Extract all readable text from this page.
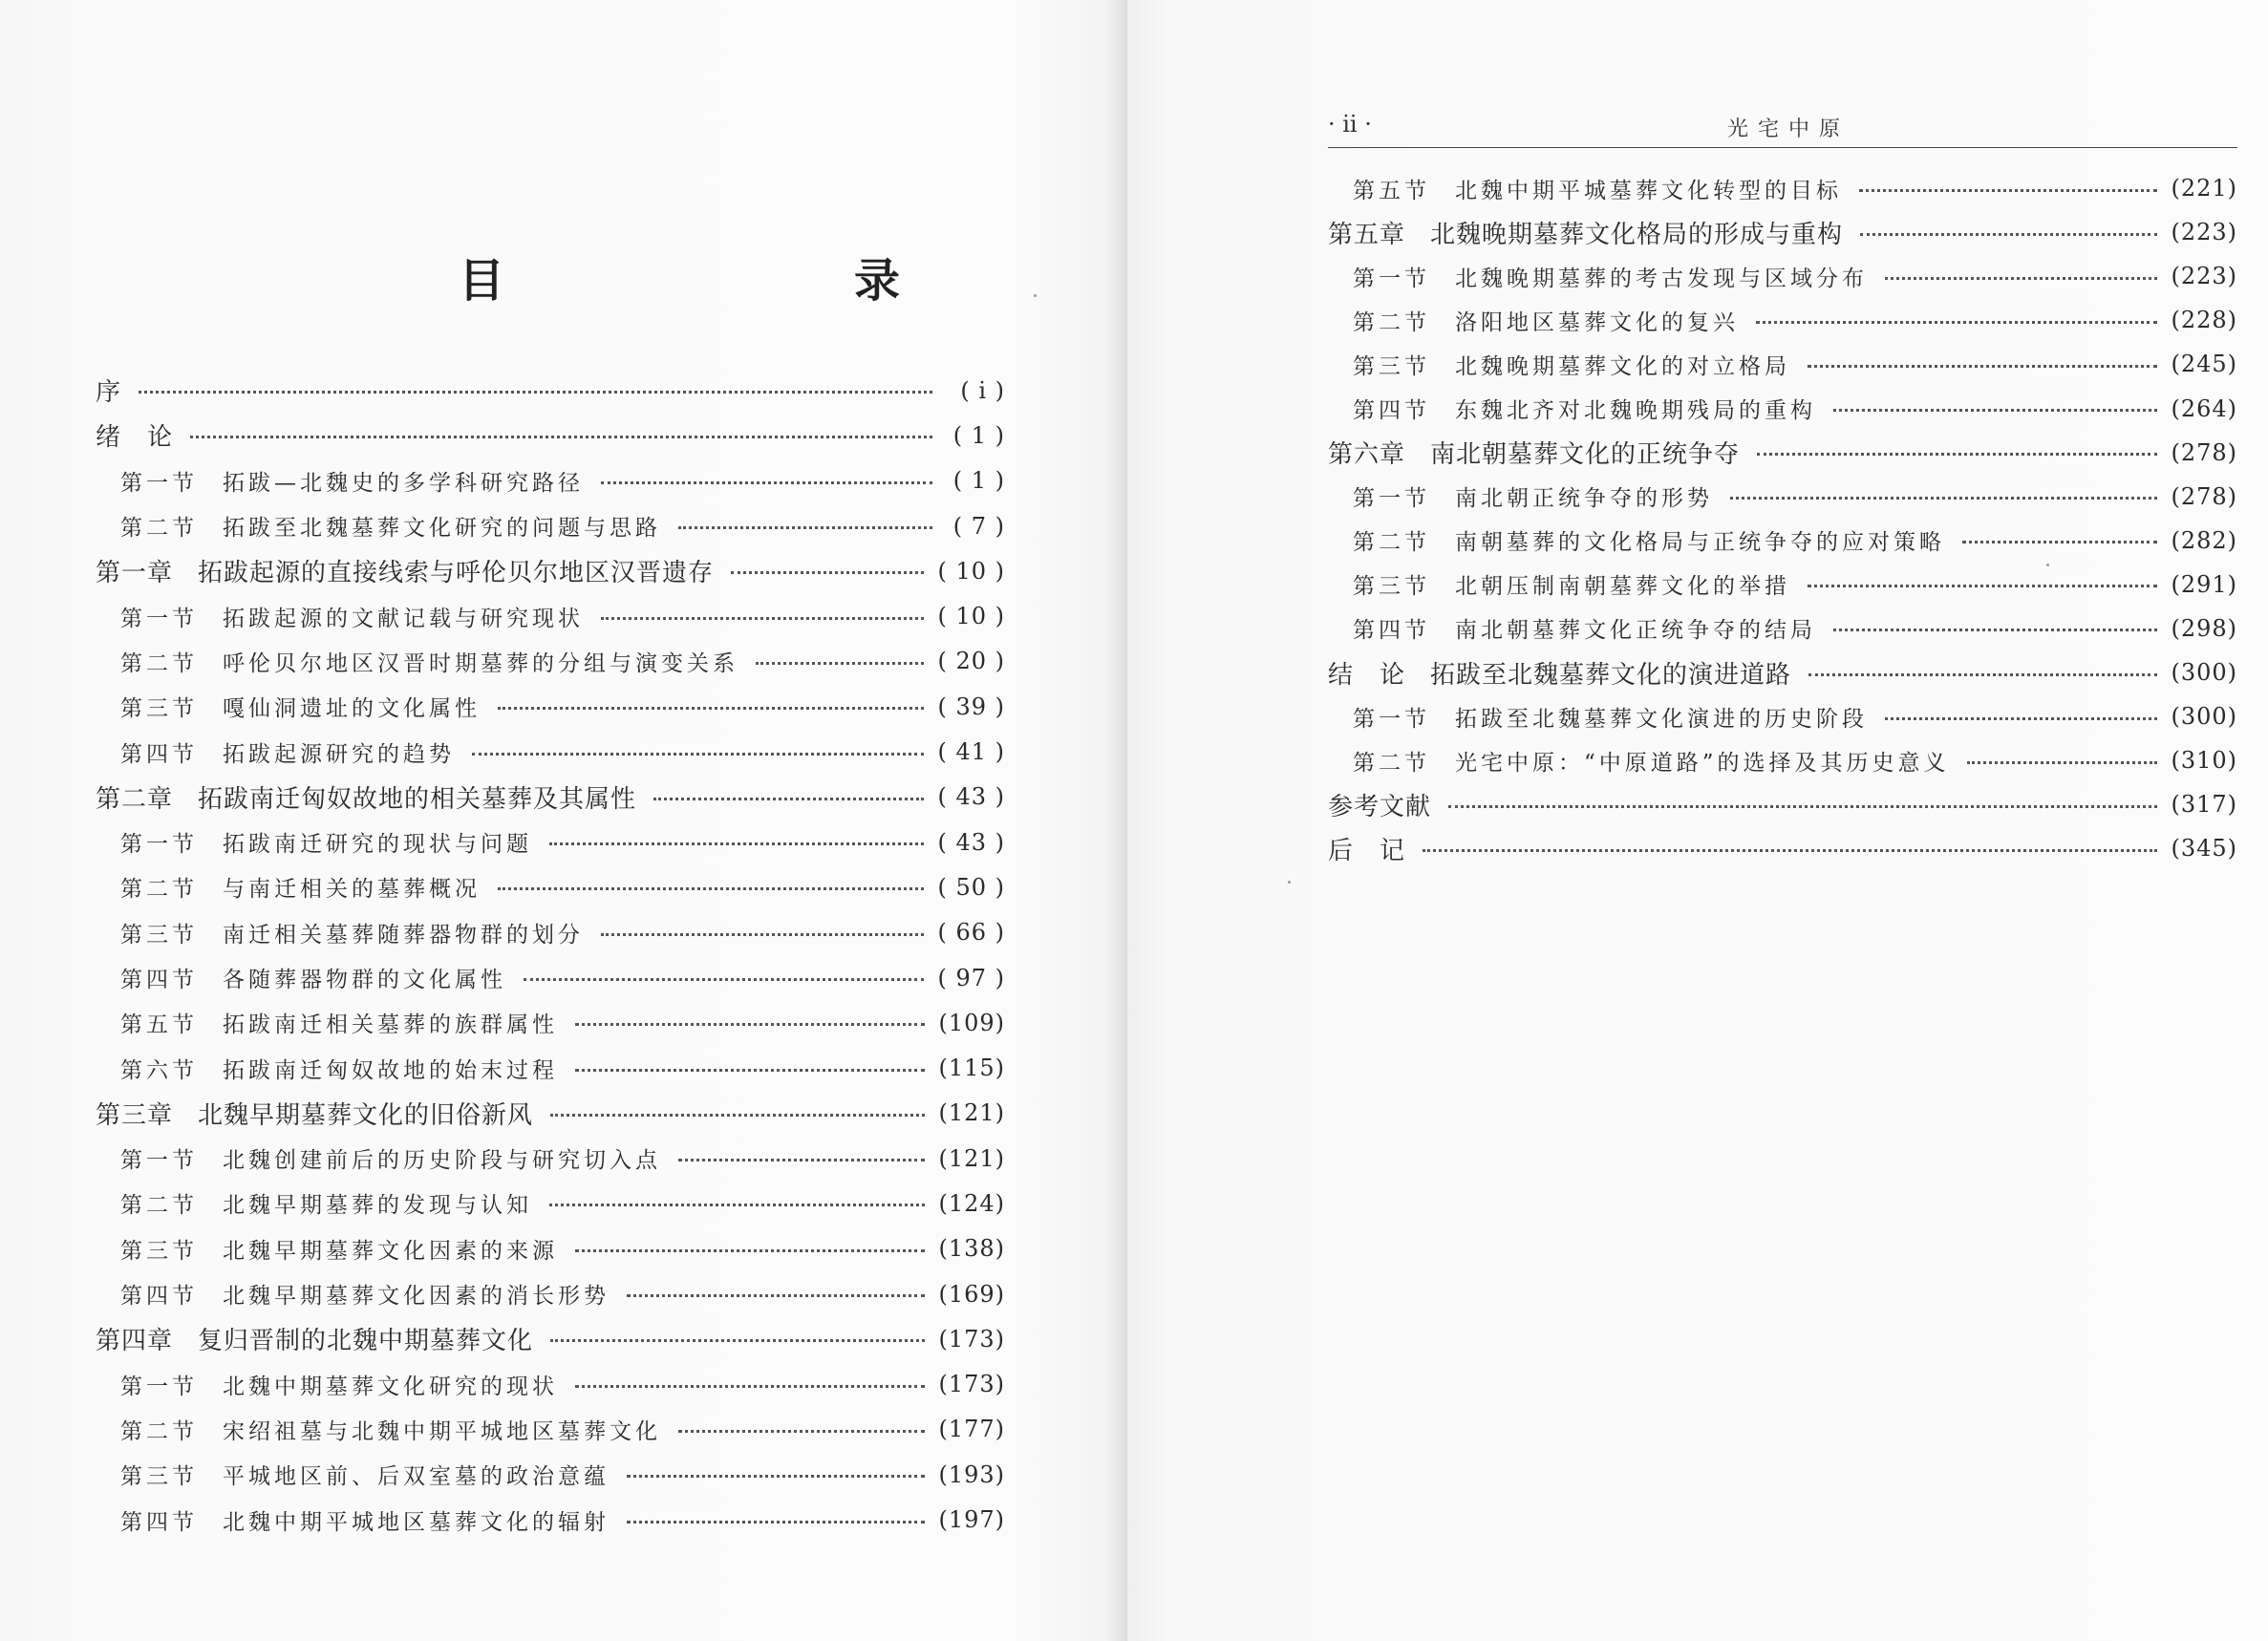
目　　录
序	( i )
绪　论	( 1 )
第一节 拓跋—北魏史的多学科研究路径	( 1 )
第二节 拓跋至北魏墓葬文化研究的问题与思路	( 7 )
第一章 拓跋起源的直接线索与呼伦贝尔地区汉晋遗存	( 10 )
第一节 拓跋起源的文献记载与研究现状	( 10 )
第二节 呼伦贝尔地区汉晋时期墓葬的分组与演变关系	( 20 )
第三节 嘎仙洞遗址的文化属性	( 39 )
第四节 拓跋起源研究的趋势	( 41 )
第二章 拓跋南迁匈奴故地的相关墓葬及其属性	( 43 )
第一节 拓跋南迁研究的现状与问题	( 43 )
第二节 与南迁相关的墓葬概况	( 50 )
第三节 南迁相关墓葬随葬器物群的划分	( 66 )
第四节 各随葬器物群的文化属性	( 97 )
第五节 拓跋南迁相关墓葬的族群属性	(109)
第六节 拓跋南迁匈奴故地的始末过程	(115)
第三章 北魏早期墓葬文化的旧俗新风	(121)
第一节 北魏创建前后的历史阶段与研究切入点	(121)
第二节 北魏早期墓葬的发现与认知	(124)
第三节 北魏早期墓葬文化因素的来源	(138)
第四节 北魏早期墓葬文化因素的消长形势	(169)
第四章 复归晋制的北魏中期墓葬文化	(173)
第一节 北魏中期墓葬文化研究的现状	(173)
第二节 宋绍祖墓与北魏中期平城地区墓葬文化	(177)
第三节 平城地区前、后双室墓的政治意蕴	(193)
第四节 北魏中期平城地区墓葬文化的辐射	(197)
· ii ·	光宅中原
第五节 北魏中期平城墓葬文化转型的目标	(221)
第五章 北魏晚期墓葬文化格局的形成与重构	(223)
第一节 北魏晚期墓葬的考古发现与区域分布	(223)
第二节 洛阳地区墓葬文化的复兴	(228)
第三节 北魏晚期墓葬文化的对立格局	(245)
第四节 东魏北齐对北魏晚期残局的重构	(264)
第六章 南北朝墓葬文化的正统争夺	(278)
第一节 南北朝正统争夺的形势	(278)
第二节 南朝墓葬的文化格局与正统争夺的应对策略	(282)
第三节 北朝压制南朝墓葬文化的举措	(291)
第四节 南北朝墓葬文化正统争夺的结局	(298)
结　论 拓跋至北魏墓葬文化的演进道路	(300)
第一节 拓跋至北魏墓葬文化演进的历史阶段	(300)
第二节 光宅中原：“中原道路”的选择及其历史意义	(310)
参考文献	(317)
后　记	(345)
